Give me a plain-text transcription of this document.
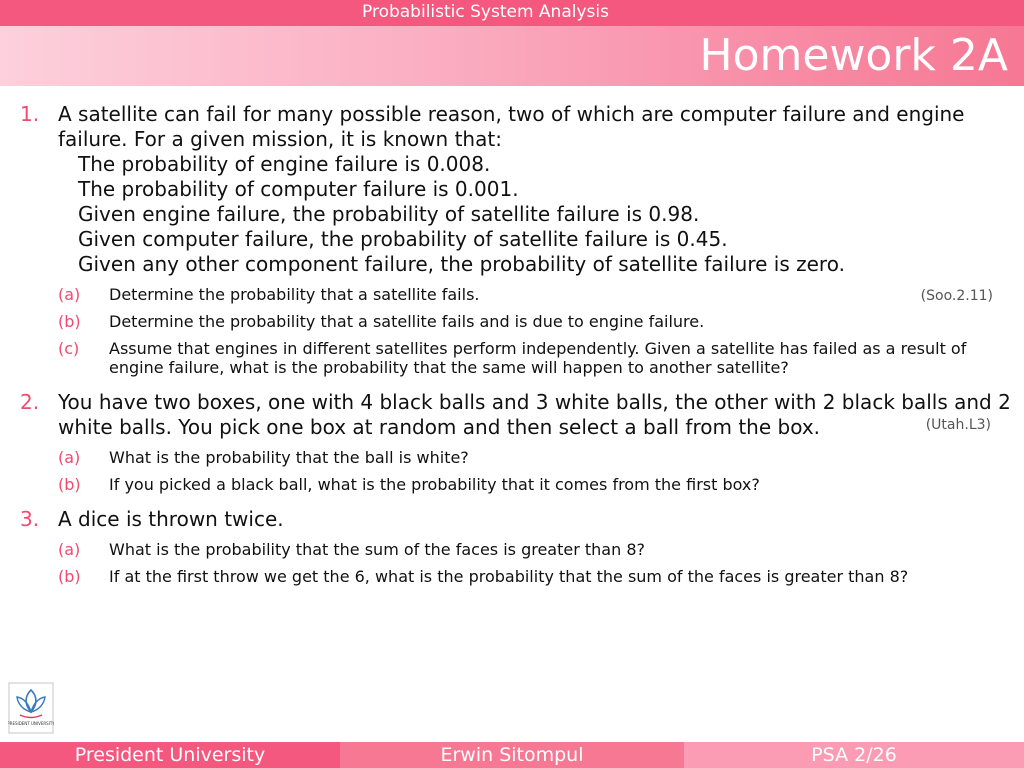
Probabilistic System Analysis
Homework 2A
1. A satellite can fail for many possible reason, two of which are computer failure and engine failure. For a given mission, it is known that:
The probability of engine failure is 0.008.
The probability of computer failure is 0.001.
Given engine failure, the probability of satellite failure is 0.98.
Given computer failure, the probability of satellite failure is 0.45.
Given any other component failure, the probability of satellite failure is zero.
(a) Determine the probability that a satellite fails.	(Soo.2.11)
(b) Determine the probability that a satellite fails and is due to engine failure.
(c) Assume that engines in different satellites perform independently. Given a satellite has failed as a result of engine failure, what is the probability that the same will happen to another satellite?
2. You have two boxes, one with 4 black balls and 3 white balls, the other with 2 black balls and 2 white balls. You pick one box at random and then select a ball from the box.	(Utah.L3)
(a) What is the probability that the ball is white?
(b) If you picked a black ball, what is the probability that it comes from the first box?
3. A dice is thrown twice.
(a) What is the probability that the sum of the faces is greater than 8?
(b) If at the first throw we get the 6, what is the probability that the sum of the faces is greater than 8?
PRESIDENT UNIVERSITY
President University	Erwin Sitompul	PSA 2/26
